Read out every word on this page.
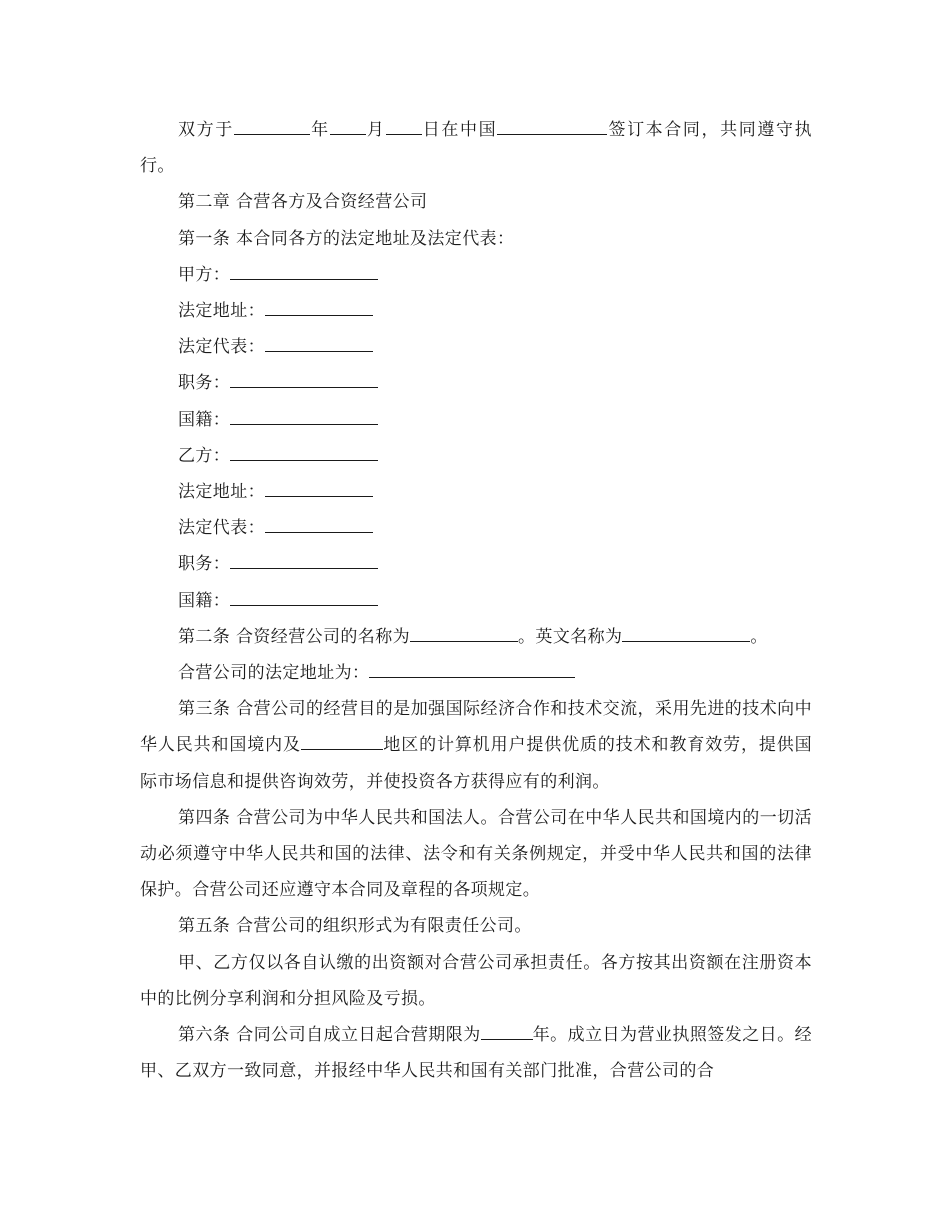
双方于	年 月 日在中国	签订本合同，共同遵守执行。

第二章 合营各方及合资经营公司

第一条 本合同各方的法定地址及法定代表：

甲方：

法定地址：

法定代表：

职务：

国籍：

乙方：

法定地址：

法定代表：

职务：

国籍：

第二条 合资经营公司的名称为	。英文名称为	。

合营公司的法定地址为：

第三条 合营公司的经营目的是加强国际经济合作和技术交流，采用先进的技术向中华人民共和国境内及	地区的计算机用户提供优质的技术和教育效劳，提供国际市场信息和提供咨询效劳，并使投资各方获得应有的利润。

第四条 合营公司为中华人民共和国法人。合营公司在中华人民共和国境内的一切活动必须遵守中华人民共和国的法律、法令和有关条例规定，并受中华人民共和国的法律保护。合营公司还应遵守本合同及章程的各项规定。

第五条 合营公司的组织形式为有限责任公司。

甲、乙方仅以各自认缴的出资额对合营公司承担责任。各方按其出资额在注册资本中的比例分享利润和分担风险及亏损。

第六条 合同公司自成立日起合营期限为	年。成立日为营业执照签发之日。经甲、乙双方一致同意，并报经中华人民共和国有关部门批准，合营公司的合
